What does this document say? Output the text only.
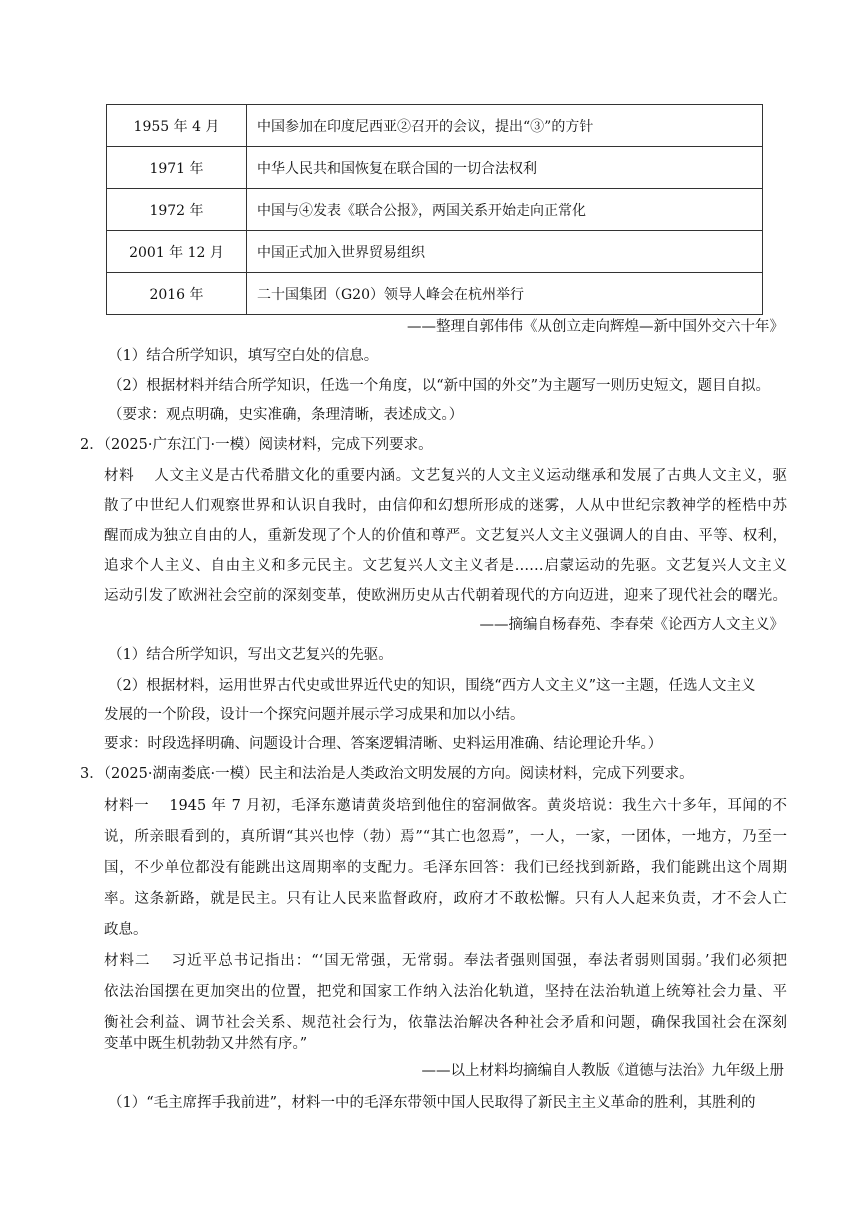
1955 年 4 月	中国参加在印度尼西亚②召开的会议，提出“③”的方针
1971 年	中华人民共和国恢复在联合国的一切合法权利
1972 年	中国与④发表《联合公报》，两国关系开始走向正常化
2001 年 12 月	中国正式加入世界贸易组织
2016 年	二十国集团（G20）领导人峰会在杭州举行
——整理自郭伟伟《从创立走向辉煌—新中国外交六十年》
（1）结合所学知识，填写空白处的信息。
（2）根据材料并结合所学知识，任选一个角度，以“新中国的外交”为主题写一则历史短文，题目自拟。
（要求：观点明确，史实准确，条理清晰，表述成文。）
2．（2025·广东江门·一模）阅读材料，完成下列要求。
材料　 人文主义是古代希腊文化的重要内涵。文艺复兴的人文主义运动继承和发展了古典人文主义，驱
散了中世纪人们观察世界和认识自我时，由信仰和幻想所形成的迷雾，人从中世纪宗教神学的桎梏中苏
醒而成为独立自由的人，重新发现了个人的价值和尊严。文艺复兴人文主义强调人的自由、平等、权利，
追求个人主义、自由主义和多元民主。文艺复兴人文主义者是……启蒙运动的先驱。文艺复兴人文主义
运动引发了欧洲社会空前的深刻变革，使欧洲历史从古代朝着现代的方向迈进，迎来了现代社会的曙光。
——摘编自杨春苑、李春荣《论西方人文主义》
（1）结合所学知识，写出文艺复兴的先驱。
（2）根据材料，运用世界古代史或世界近代史的知识，围绕“西方人文主义”这一主题，任选人文主义
发展的一个阶段，设计一个探究问题并展示学习成果和加以小结。
要求：时段选择明确、问题设计合理、答案逻辑清晰、史料运用准确、结论理论升华。）
3．（2025·湖南娄底·一模）民主和法治是人类政治文明发展的方向。阅读材料，完成下列要求。
材料一　 1945 年 7 月初，毛泽东邀请黄炎培到他住的窑洞做客。黄炎培说：我生六十多年，耳闻的不
说，所亲眼看到的，真所谓“其兴也悖（勃）焉”“其亡也忽焉”，一人，一家，一团体，一地方，乃至一
国，不少单位都没有能跳出这周期率的支配力。毛泽东回答：我们已经找到新路，我们能跳出这个周期
率。这条新路，就是民主。只有让人民来监督政府，政府才不敢松懈。只有人人起来负责，才不会人亡
政息。
材料二　 习近平总书记指出：“‘国无常强，无常弱。奉法者强则国强，奉法者弱则国弱。’我们必须把
依法治国摆在更加突出的位置，把党和国家工作纳入法治化轨道，坚持在法治轨道上统筹社会力量、平
衡社会利益、调节社会关系、规范社会行为，依靠法治解决各种社会矛盾和问题，确保我国社会在深刻
变革中既生机勃勃又井然有序。”
——以上材料均摘编自人教版《道德与法治》九年级上册
（1）“毛主席挥手我前进”，材料一中的毛泽东带领中国人民取得了新民主主义革命的胜利，其胜利的
